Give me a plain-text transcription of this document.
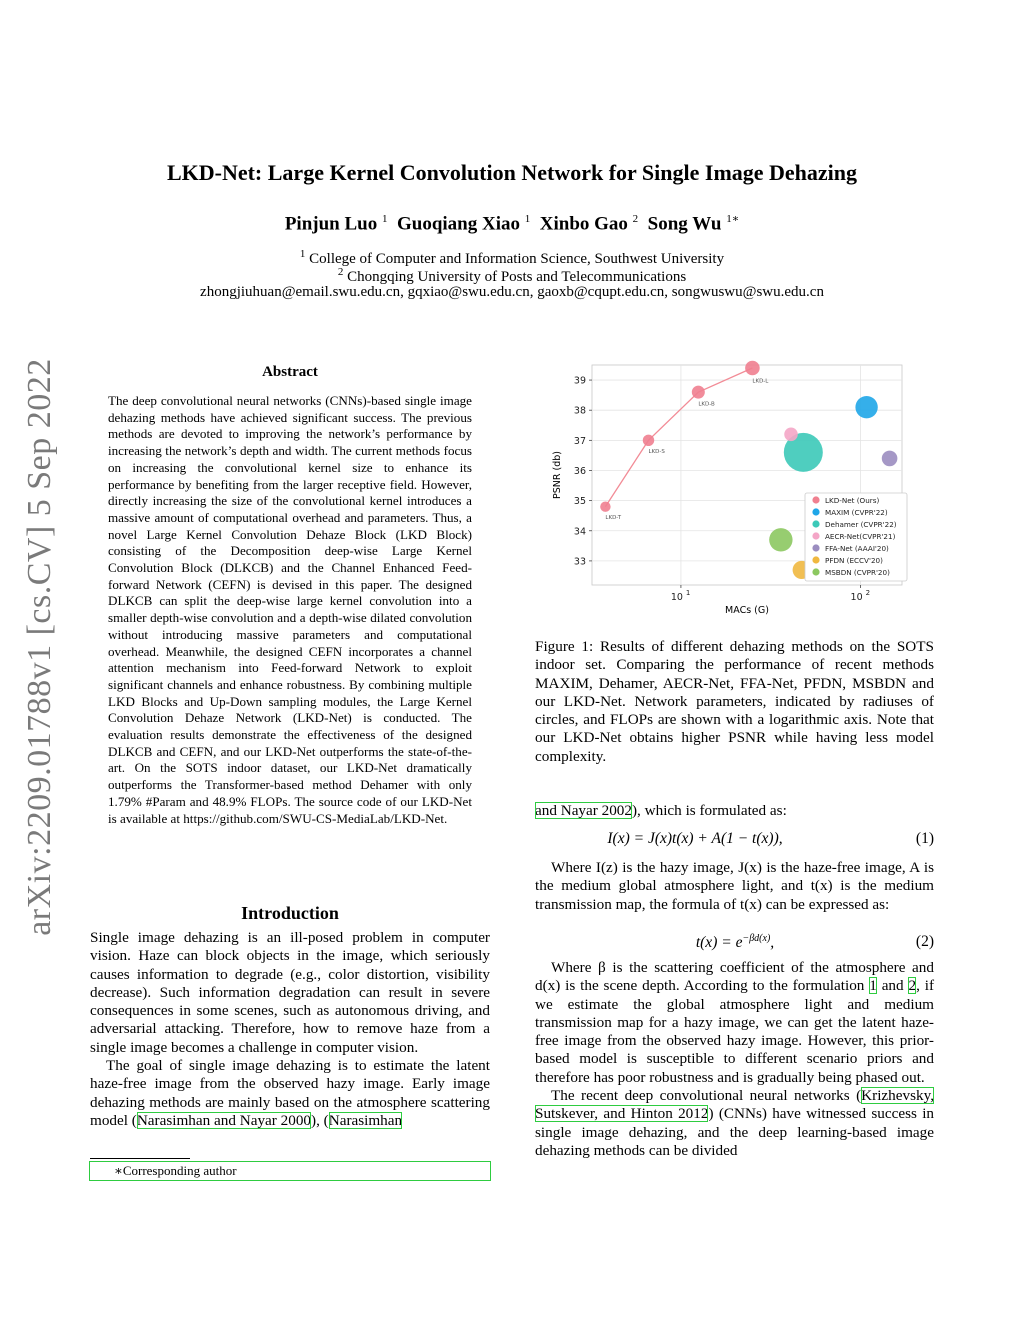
LKD-Net: Large Kernel Convolution Network for Single Image Dehazing
Pinjun Luo $^1$ Guoqiang Xiao $^1$ Xinbo Gao $^2$ Song Wu $^{1∗}$
$^1$ College of Computer and Information Science, Southwest University
$^2$ Chongqing University of Posts and Telecommunications
zhongjiuhuan@email.swu.edu.cn, gqxiao@swu.edu.cn, gaoxb@cqupt.edu.cn, songwuswu@swu.edu.cn
arXiv:2209.01788v1 [cs.CV] 5 Sep 2022	Abstract
The deep convolutional neural networks (CNNs)-based single image dehazing methods have achieved significant success. The previous methods are devoted to improving the network’s performance by increasing the network’s depth and width. The current methods focus on increasing the convolutional kernel size to enhance its performance by benefiting from the larger receptive field. However, directly increasing the size of the convolutional kernel introduces a massive amount of computational overhead and parameters. Thus, a novel Large Kernel Convolution Dehaze Block (LKD Block) consisting of the Decomposition deep-wise Large Kernel Convolution Block (DLKCB) and the Channel Enhanced Feed-forward Network (CEFN) is devised in this paper. The designed DLKCB can split the deep-wise large kernel convolution into a smaller depth-wise convolution and a depth-wise dilated convolution without introducing massive parameters and computational overhead. Meanwhile, the designed CEFN incorporates a channel attention mechanism into Feed-forward Network to exploit significant channels and enhance robustness. By combining multiple LKD Blocks and Up-Down sampling modules, the Large Kernel Convolution Dehaze Network (LKD-Net) is conducted. The evaluation results demonstrate the effectiveness of the designed DLKCB and CEFN, and our LKD-Net outperforms the state-of-the-art. On the SOTS indoor dataset, our LKD-Net dramatically outperforms the Transformer-based method Dehamer with only 1.79% #Param and 48.9% FLOPs. The source code of our LKD-Net is available at https://github.com/SWU-CS-MediaLab/LKD-Net.
Introduction

Single image dehazing is an ill-posed problem in computer vision. Haze can block objects in the image, which seriously causes information to degrade (e.g., color distortion, visibility decrease). Such information degradation can result in severe consequences in some scenes, such as autonomous driving, and adversarial attacking. Therefore, how to remove haze from a single image becomes a challenge in computer vision.

The goal of single image dehazing is to estimate the latent haze-free image from the observed hazy image. Early image dehazing methods are mainly based on the atmosphere scattering model (Narasimhan and Nayar 2000), (Narasimhan

∗Corresponding author
33
34
35
36
37
38
39
10 1	10 2
LKD-T
LKD-S
LKD-B
LKD-L
MACs (G)
PSNR (db)
LKD-Net (Ours)
MAXIM (CVPR'22)
Dehamer (CVPR'22)
AECR-Net(CVPR'21)
FFA-Net (AAAI'20)
PFDN (ECCV'20)
MSBDN (CVPR'20)
Figure 1: Results of different dehazing methods on the SOTS indoor set. Comparing the performance of recent methods MAXIM, Dehamer, AECR-Net, FFA-Net, PFDN, MSBDN and our LKD-Net. Network parameters, indicated by radiuses of circles, and FLOPs are shown with a logarithmic axis. Note that our LKD-Net obtains higher PSNR while having less model complexity.

and Nayar 2002), which is formulated as:

I(x) = J(x)t(x) + A(1 − t(x)),	(1)

Where I(z) is the hazy image, J(x) is the haze-free image, A is the medium global atmosphere light, and t(x) is the medium transmission map, the formula of t(x) can be expressed as:

$t(x) = e^{-\beta d(x)}$,	(2)

Where β is the scattering coefficient of the atmosphere and d(x) is the scene depth. According to the formulation 1 and 2, if we estimate the global atmosphere light and medium transmission map for a hazy image, we can get the latent haze-free image from the observed hazy image. However, this prior-based model is susceptible to different scenario priors and therefore has poor robustness and is gradually being phased out.

The recent deep convolutional neural networks (Krizhevsky, Sutskever, and Hinton 2012) (CNNs) have witnessed success in single image dehazing, and the deep learning-based image dehazing methods can be divided
